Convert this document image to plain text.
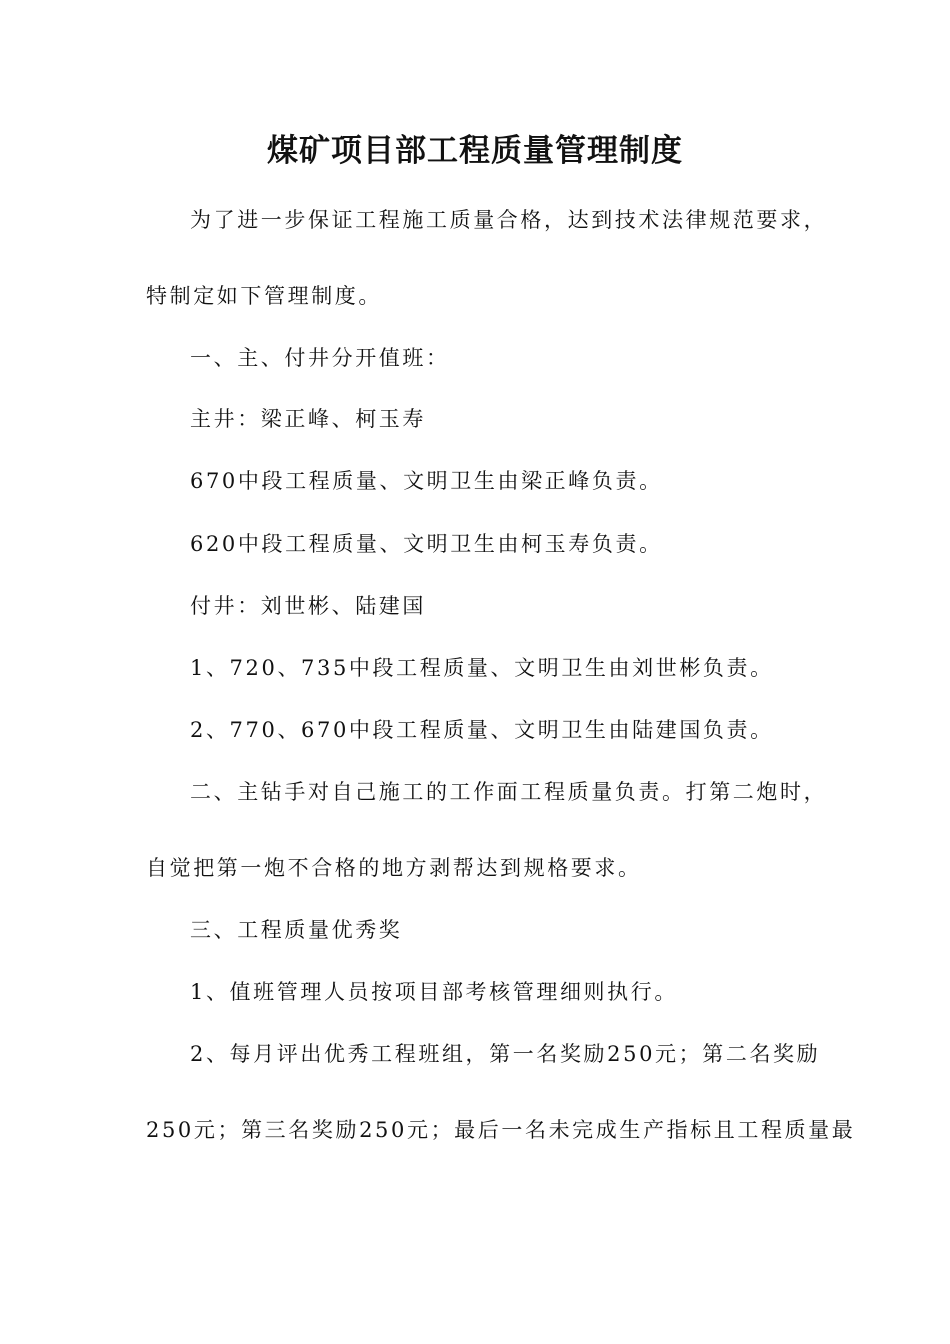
煤矿项目部工程质量管理制度
为了进一步保证工程施工质量合格，达到技术法律规范要求，
特制定如下管理制度。
一、主、付井分开值班：
主井：梁正峰、柯玉寿
670中段工程质量、文明卫生由梁正峰负责。
620中段工程质量、文明卫生由柯玉寿负责。
付井：刘世彬、陆建国
1、720、735中段工程质量、文明卫生由刘世彬负责。
2、770、670中段工程质量、文明卫生由陆建国负责。
二、主钻手对自己施工的工作面工程质量负责。打第二炮时，
自觉把第一炮不合格的地方剥帮达到规格要求。
三、工程质量优秀奖
1、值班管理人员按项目部考核管理细则执行。
2、每月评出优秀工程班组，第一名奖励250元；第二名奖励
250元；第三名奖励250元；最后一名未完成生产指标且工程质量最
